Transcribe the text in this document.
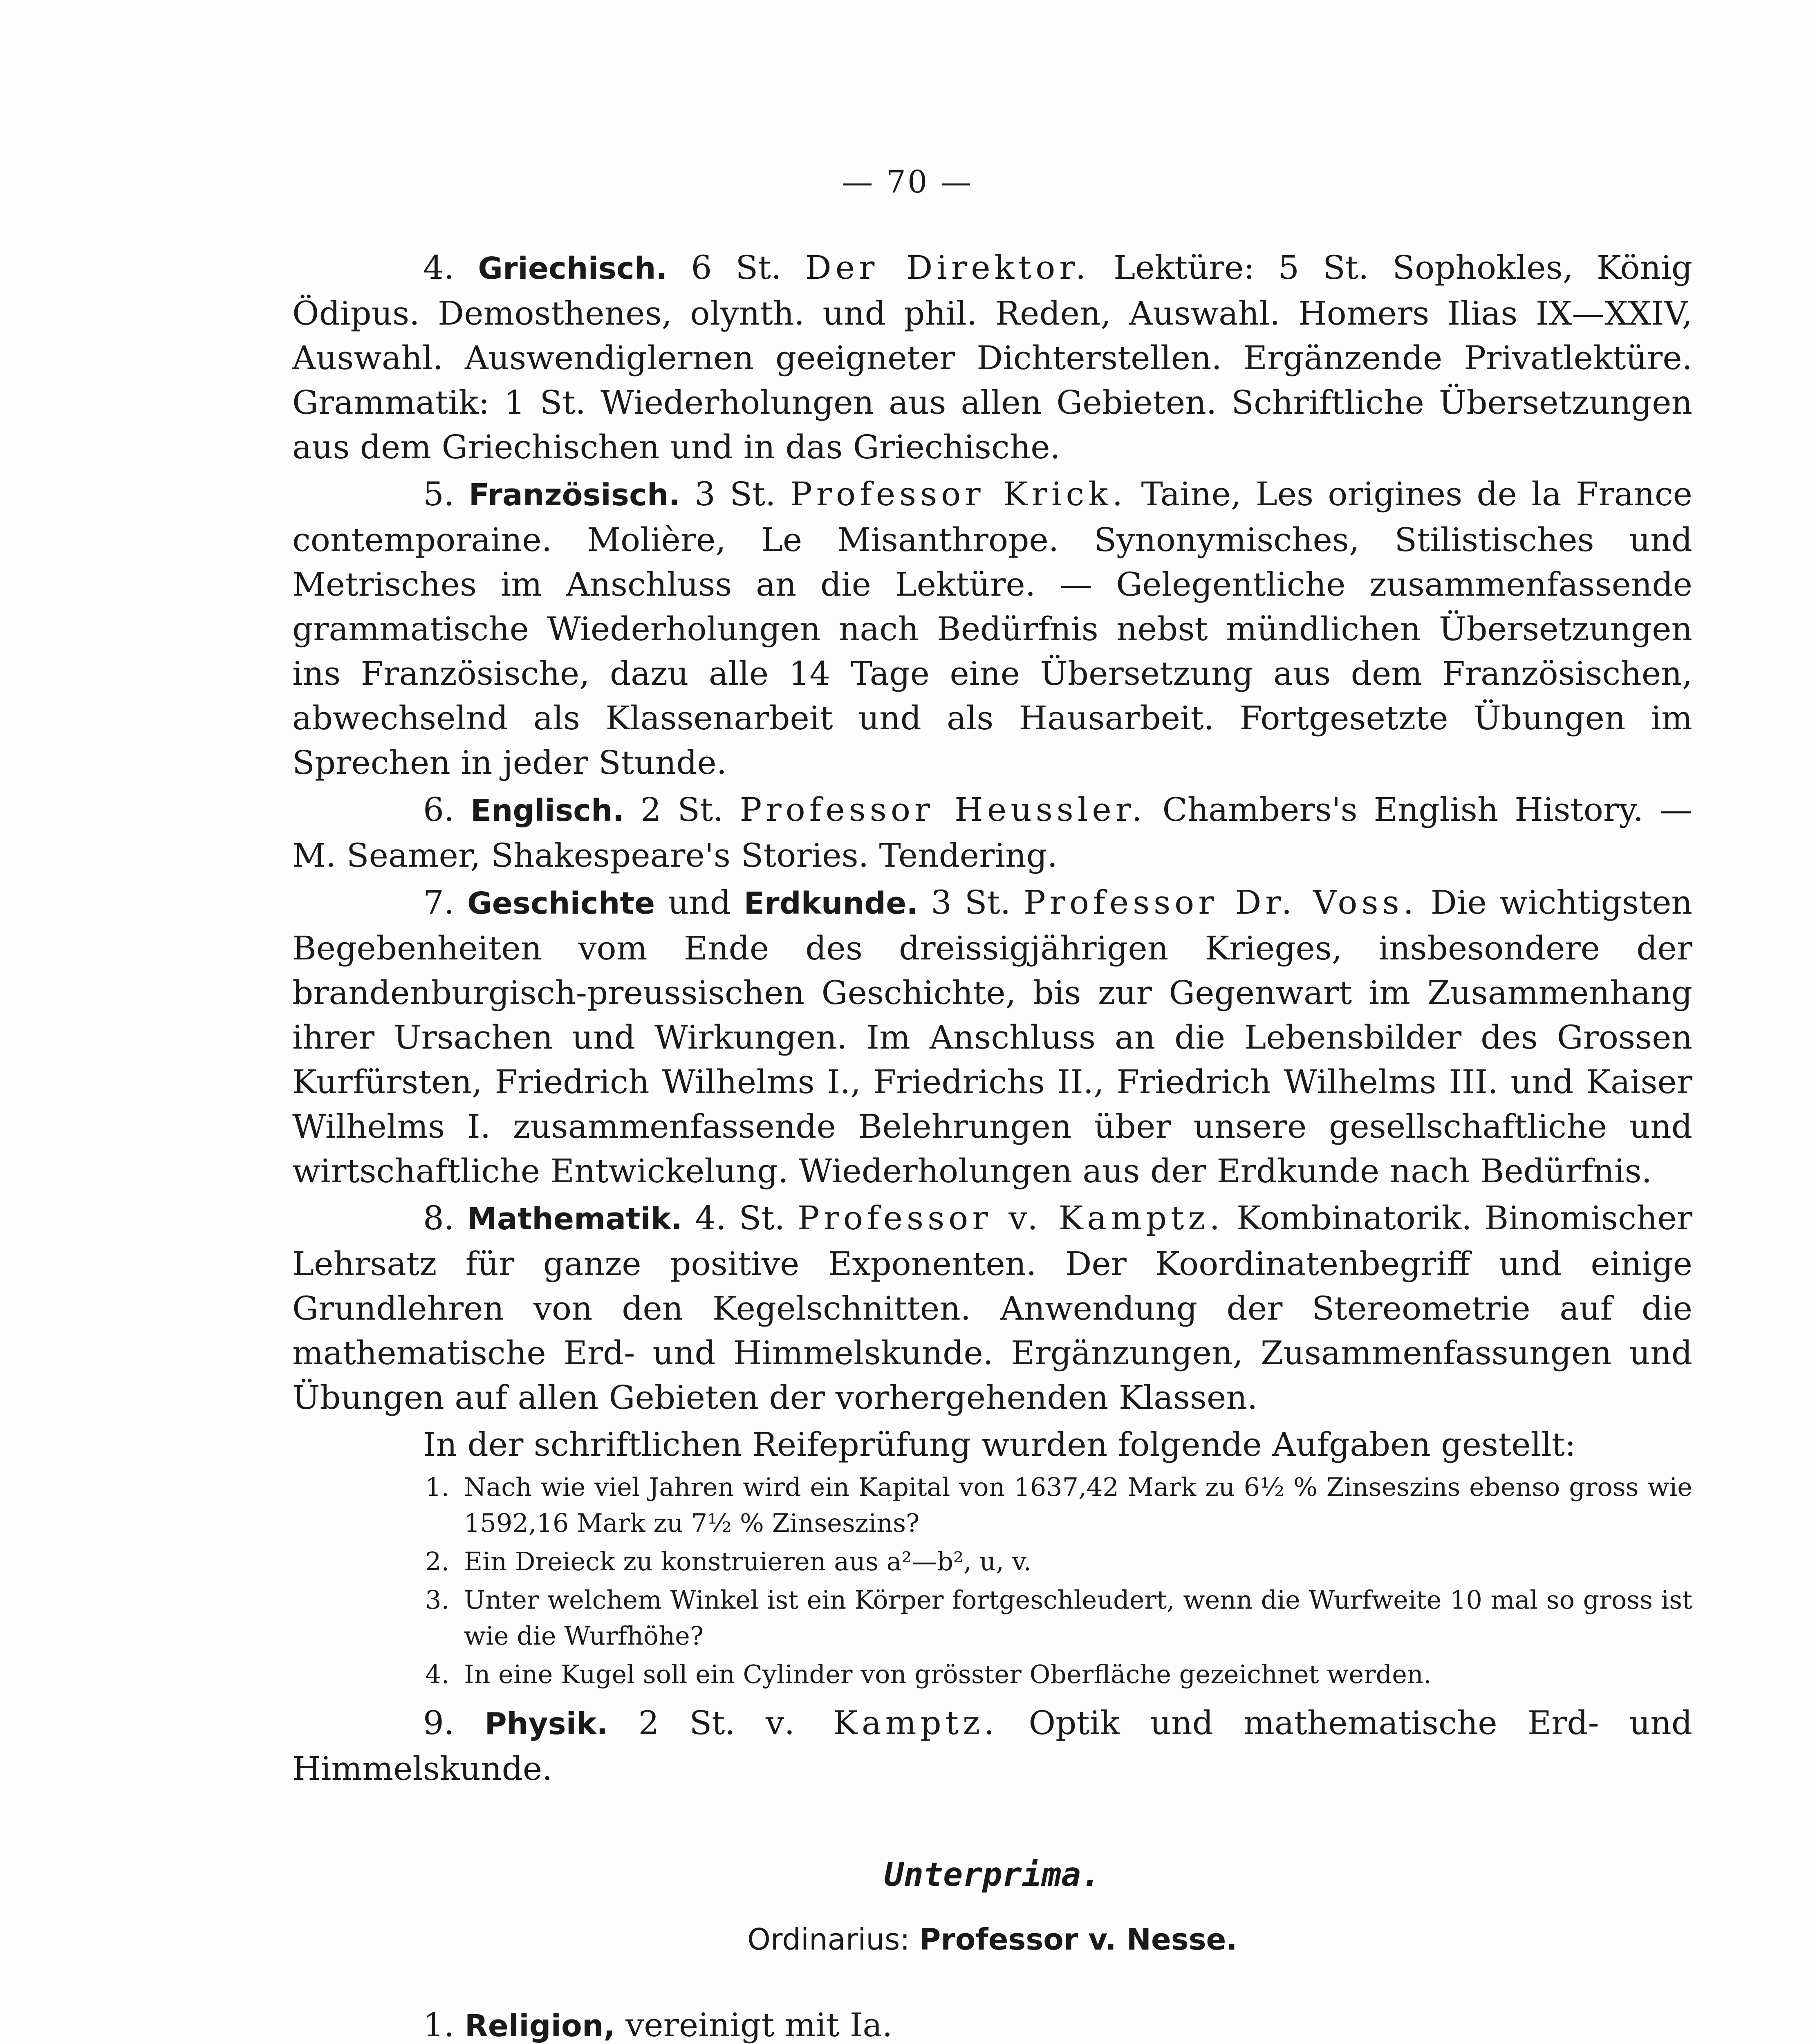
— 70 —

4. Griechisch. 6 St. Der Direktor. Lektüre: 5 St. Sophokles, König Ödipus. Demosthenes, olynth. und phil. Reden, Auswahl. Homers Ilias IX—XXIV, Auswahl. Auswendiglernen geeigneter Dichterstellen. Ergänzende Privatlektüre. Grammatik: 1 St. Wiederholungen aus allen Gebieten. Schriftliche Übersetzungen aus dem Griechischen und in das Griechische.

5. Französisch. 3 St. Professor Krick. Taine, Les origines de la France contemporaine. Molière, Le Misanthrope. Synonymisches, Stilistisches und Metrisches im Anschluss an die Lektüre. — Gelegentliche zusammenfassende grammatische Wiederholungen nach Bedürfnis nebst mündlichen Übersetzungen ins Französische, dazu alle 14 Tage eine Übersetzung aus dem Französischen, abwechselnd als Klassenarbeit und als Hausarbeit. Fortgesetzte Übungen im Sprechen in jeder Stunde.

6. Englisch. 2 St. Professor Heussler. Chambers's English History. — M. Seamer, Shakespeare's Stories. Tendering.

7. Geschichte und Erdkunde. 3 St. Professor Dr. Voss. Die wichtigsten Begebenheiten vom Ende des dreissigjährigen Krieges, insbesondere der brandenburgisch-preussischen Geschichte, bis zur Gegenwart im Zusammenhang ihrer Ursachen und Wirkungen. Im Anschluss an die Lebensbilder des Grossen Kurfürsten, Friedrich Wilhelms I., Friedrichs II., Friedrich Wilhelms III. und Kaiser Wilhelms I. zusammenfassende Belehrungen über unsere gesellschaftliche und wirtschaftliche Entwickelung. Wiederholungen aus der Erdkunde nach Bedürfnis.

8. Mathematik. 4. St. Professor v. Kamptz. Kombinatorik. Binomischer Lehrsatz für ganze positive Exponenten. Der Koordinatenbegriff und einige Grundlehren von den Kegelschnitten. Anwendung der Stereometrie auf die mathematische Erd- und Himmelskunde. Ergänzungen, Zusammenfassungen und Übungen auf allen Gebieten der vorhergehenden Klassen.

In der schriftlichen Reifeprüfung wurden folgende Aufgaben gestellt:

1. Nach wie viel Jahren wird ein Kapital von 1637,42 Mark zu 6½ % Zinseszins ebenso gross wie 1592,16 Mark zu 7½ % Zinseszins?
2. Ein Dreieck zu konstruieren aus a²—b², u, v.
3. Unter welchem Winkel ist ein Körper fortgeschleudert, wenn die Wurfweite 10 mal so gross ist wie die Wurfhöhe?
4. In eine Kugel soll ein Cylinder von grösster Oberfläche gezeichnet werden.

9. Physik. 2 St. v. Kamptz. Optik und mathematische Erd- und Himmelskunde.

Unterprima.
Ordinarius: Professor v. Nesse.

1. Religion, vereinigt mit Ia.
